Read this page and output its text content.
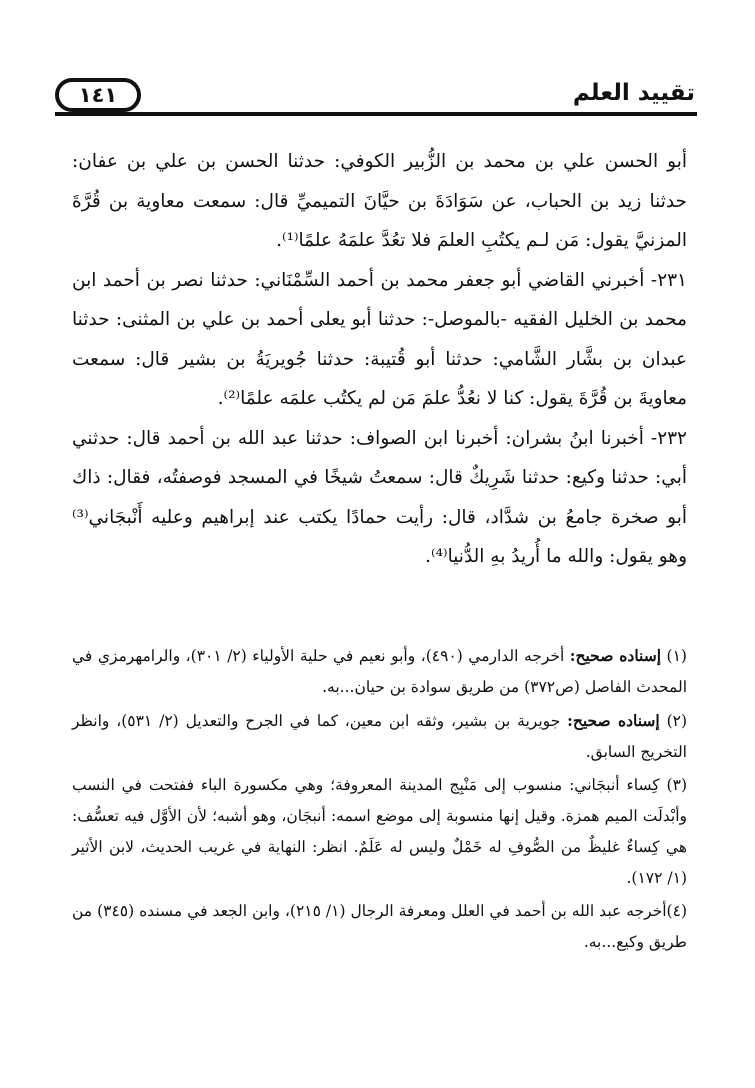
١٤١	تقييد العلم

أبو الحسن علي بن محمد بن الزُّبير الكوفي: حدثنا الحسن بن علي بن عفان: حدثنا زيد بن الحباب، عن سَوَادَةَ بن حيَّانَ التميميِّ قال: سمعت معاوية بن قُرَّةَ المزنيَّ يقول: مَن لـم يكتُبِ العلمَ فلا تعُدَّ علمَهُ علمًا⁽¹⁾.

٢٣١- أخبرني القاضي أبو جعفر محمد بن أحمد السِّمْنَاني: حدثنا نصر بن أحمد ابن محمد بن الخليل الفقيه -بالموصل-: حدثنا أبو يعلى أحمد بن علي بن المثنى: حدثنا عبدان بن بشَّار الشَّامي: حدثنا أبو قُتيبة: حدثنا جُويريَةُ بن بشير قال: سمعت معاويةَ بن قُرَّةَ يقول: كنا لا نعُدُّ علمَ مَن لم يكتُب علمَه علمًا⁽²⁾.

٢٣٢- أخبرنا ابنُ بشران: أخبرنا ابن الصواف: حدثنا عبد الله بن أحمد قال: حدثني أبي: حدثنا وكيع: حدثنا شَرِيكٌ قال: سمعتُ شيخًا في المسجد فوصفتُه، فقال: ذاك أبو صخرة جامعُ بن شدَّاد، قال: رأيت حمادًا يكتب عند إبراهيم وعليه أَنْبجَاني⁽³⁾ وهو يقول: والله ما أُريدُ بهِ الدُّنيا⁽⁴⁾.

(١) إسناده صحيح: أخرجه الدارمي (٤٩٠)، وأبو نعيم في حلية الأولياء (٢/ ٣٠١)، والرامهرمزي في المحدث الفاصل (ص٣٧٢) من طريق سوادة بن حيان...به.

(٢) إسناده صحيح: جويرية بن بشير، وثقه ابن معين، كما في الجرح والتعديل (٢/ ٥٣١)، وانظر التخريج السابق.

(٣) كِساء أنبجَاني: منسوب إلى مَنْبِج المدينة المعروفة؛ وهي مكسورة الباء ففتحت في النسب وأبْدلَت الميم همزة. وقيل إنها منسوبة إلى موضع اسمه: أنبجَان، وهو أشبه؛ لأن الأوَّل فيه تعسُّف: هي كِساءٌ غليظٌ من الصُّوفِ له خَمْلٌ وليس له عَلَمٌ. انظر: النهاية في غريب الحديث، لابن الأثير (١/ ١٧٢).

(٤)أخرجه عبد الله بن أحمد في العلل ومعرفة الرجال (١/ ٢١٥)، وابن الجعد في مسنده (٣٤٥) من طريق وكيع...به.
